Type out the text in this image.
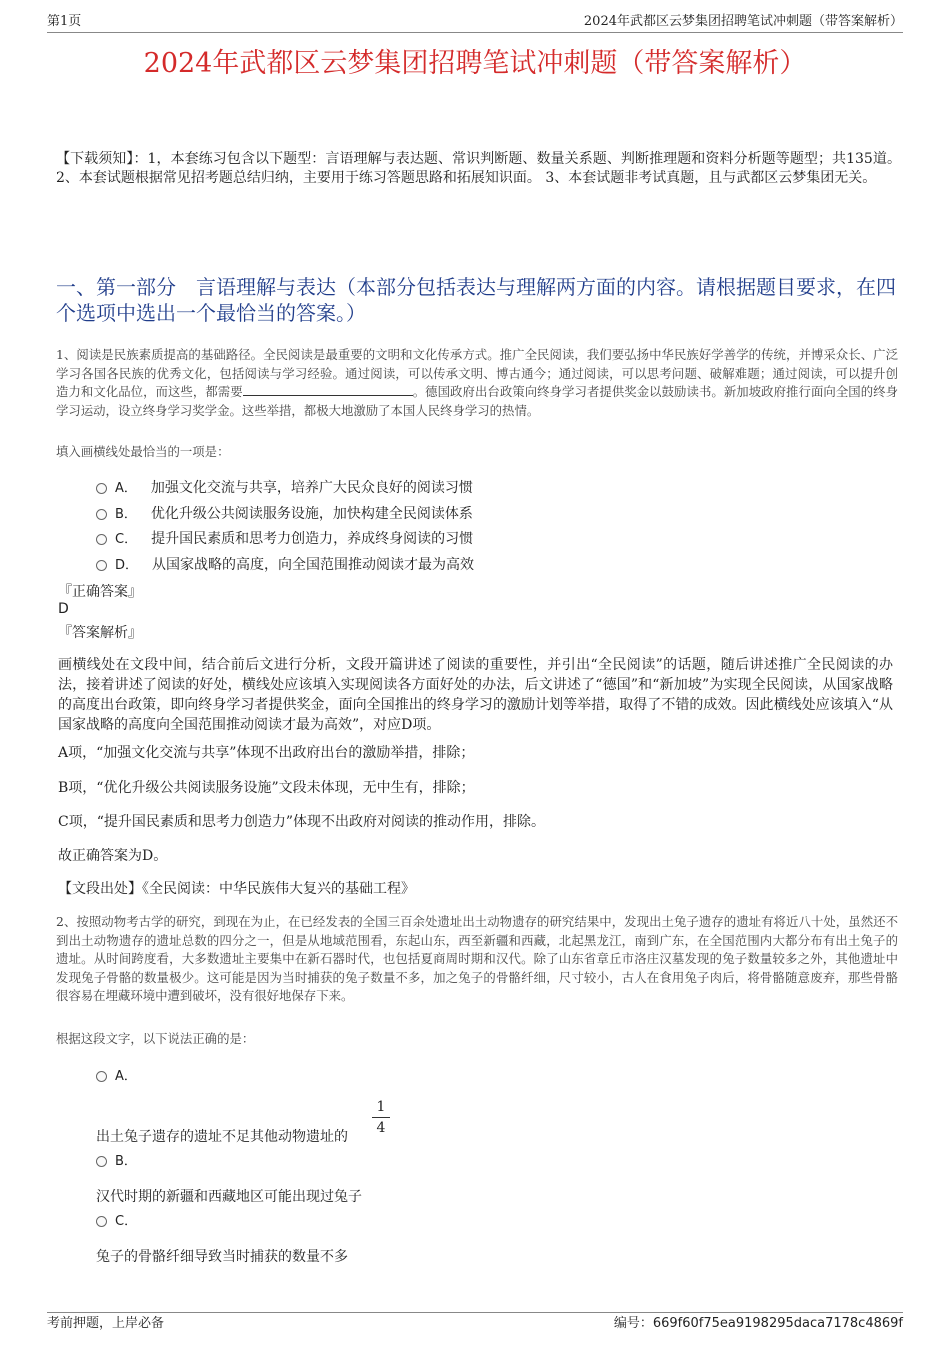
第1页	2024年武都区云梦集团招聘笔试冲刺题（带答案解析）
2024年武都区云梦集团招聘笔试冲刺题（带答案解析）
【下载须知】：1，本套练习包含以下题型：言语理解与表达题、常识判断题、数量关系题、判断推理题和资料分析题等题型；共135道。 2、本套试题根据常见招考题总结归纳，主要用于练习答题思路和拓展知识面。 3、本套试题非考试真题，且与武都区云梦集团无关。
一、第一部分 言语理解与表达（本部分包括表达与理解两方面的内容。请根据题目要求，在四个选项中选出一个最恰当的答案。）
1、阅读是民族素质提高的基础路径。全民阅读是最重要的文明和文化传承方式。推广全民阅读，我们要弘扬中华民族好学善学的传统，并博采众长、广泛学习各国各民族的优秀文化，包括阅读与学习经验。通过阅读，可以传承文明、博古通今；通过阅读，可以思考问题、破解难题；通过阅读，可以提升创造力和文化品位，而这些，都需要	。德国政府出台政策向终身学习者提供奖金以鼓励读书。新加坡政府推行面向全国的终身学习运动，设立终身学习奖学金。这些举措，都极大地激励了本国人民终身学习的热情。
填入画横线处最恰当的一项是：
A． 加强文化交流与共享，培养广大民众良好的阅读习惯
B． 优化升级公共阅读服务设施，加快构建全民阅读体系
C． 提升国民素质和思考力创造力，养成终身阅读的习惯
D． 从国家战略的高度，向全国范围推动阅读才最为高效
『正确答案』
D
『答案解析』
画横线处在文段中间，结合前后文进行分析，文段开篇讲述了阅读的重要性，并引出“全民阅读”的话题，随后讲述推广全民阅读的办法，接着讲述了阅读的好处，横线处应该填入实现阅读各方面好处的办法，后文讲述了“德国”和“新加坡”为实现全民阅读，从国家战略的高度出台政策，即向终身学习者提供奖金，面向全国推出的终身学习的激励计划等举措，取得了不错的成效。因此横线处应该填入“从国家战略的高度向全国范围推动阅读才最为高效”，对应D项。
A项，“加强文化交流与共享”体现不出政府出台的激励举措，排除；
B项，“优化升级公共阅读服务设施”文段未体现，无中生有，排除；
C项，“提升国民素质和思考力创造力”体现不出政府对阅读的推动作用，排除。
故正确答案为D。
【文段出处】《全民阅读：中华民族伟大复兴的基础工程》
2、按照动物考古学的研究，到现在为止，在已经发表的全国三百余处遗址出土动物遗存的研究结果中，发现出土兔子遗存的遗址有将近八十处，虽然还不到出土动物遗存的遗址总数的四分之一，但是从地域范围看，东起山东，西至新疆和西藏，北起黑龙江，南到广东，在全国范围内大都分布有出土兔子的遗址。从时间跨度看，大多数遗址主要集中在新石器时代，也包括夏商周时期和汉代。除了山东省章丘市洛庄汉墓发现的兔子数量较多之外，其他遗址中发现兔子骨骼的数量极少。这可能是因为当时捕获的兔子数量不多，加之兔子的骨骼纤细，尺寸较小，古人在食用兔子肉后，将骨骼随意废弃，那些骨骼很容易在埋藏环境中遭到破坏，没有很好地保存下来。
根据这段文字，以下说法正确的是：
A．
出土兔子遗存的遗址不足其他动物遗址的
1
4
B．
汉代时期的新疆和西藏地区可能出现过兔子
C．
兔子的骨骼纤细导致当时捕获的数量不多
考前押题，上岸必备	编号：669f60f75ea9198295daca7178c4869f
